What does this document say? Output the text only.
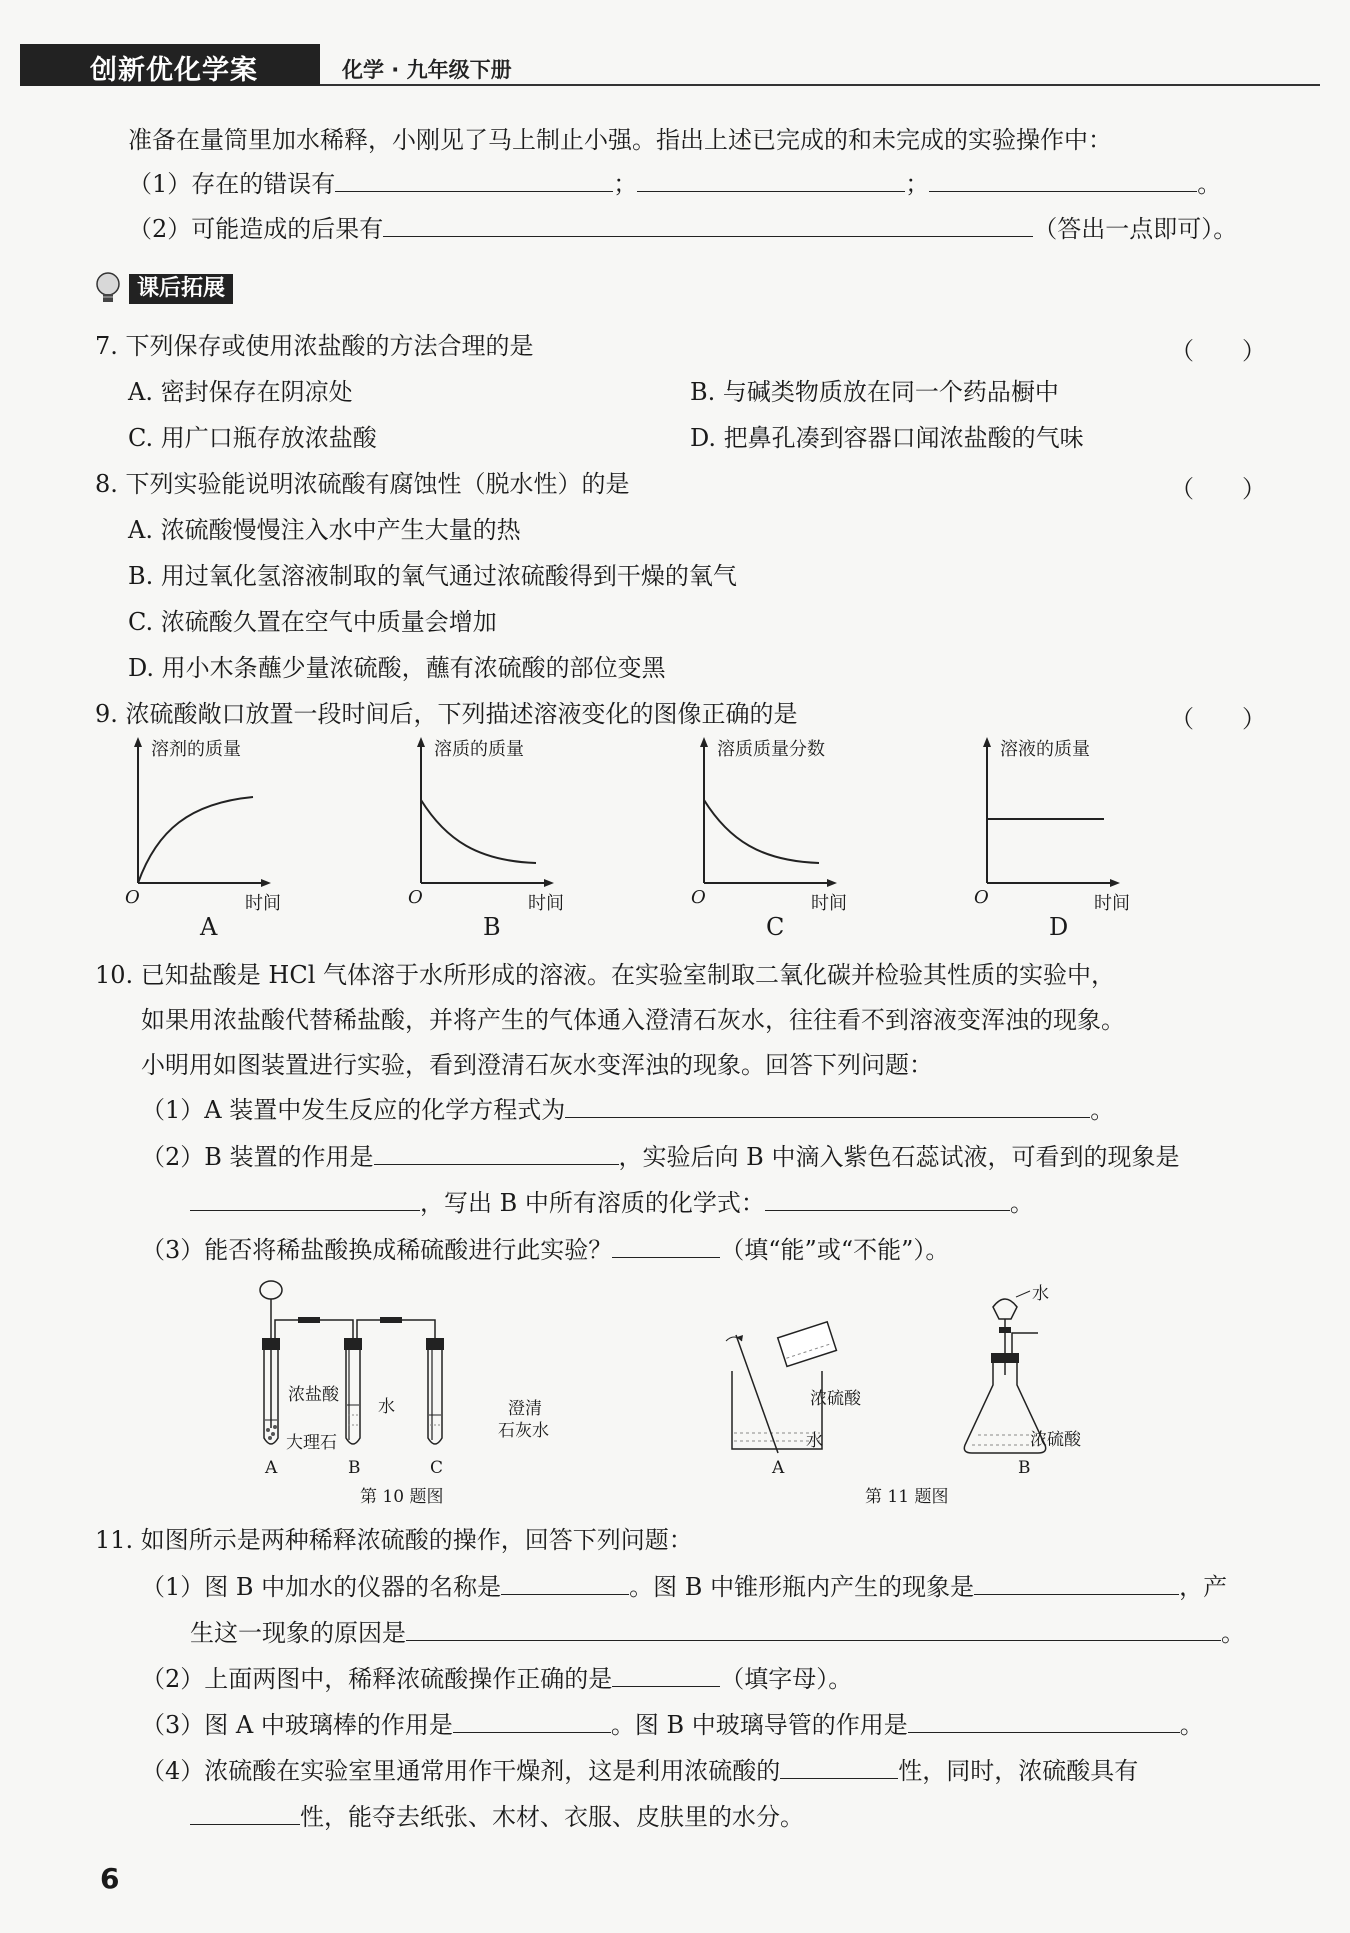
创新优化学案	化学 · 九年级下册
准备在量筒里加水稀释，小刚见了马上制止小强。指出上述已完成的和未完成的实验操作中：
（1）存在的错误有	；	；	。
（2）可能造成的后果有	（答出一点即可）。
课后拓展
7. 下列保存或使用浓盐酸的方法合理的是	（　　）
A. 密封保存在阴凉处	B. 与碱类物质放在同一个药品橱中
C. 用广口瓶存放浓盐酸	D. 把鼻孔凑到容器口闻浓盐酸的气味
8. 下列实验能说明浓硫酸有腐蚀性（脱水性）的是	（　　）
A. 浓硫酸慢慢注入水中产生大量的热
B. 用过氧化氢溶液制取的氧气通过浓硫酸得到干燥的氧气
C. 浓硫酸久置在空气中质量会增加
D. 用小木条蘸少量浓硫酸，蘸有浓硫酸的部位变黑
9. 浓硫酸敞口放置一段时间后，下列描述溶液变化的图像正确的是	（　　）
溶剂的质量
O	时间
A
溶质的质量
O	时间
B
溶质质量分数
O	时间
C
溶液的质量
O	时间
D
10. 已知盐酸是 HCl 气体溶于水所形成的溶液。在实验室制取二氧化碳并检验其性质的实验中，
如果用浓盐酸代替稀盐酸，并将产生的气体通入澄清石灰水，往往看不到溶液变浑浊的现象。
小明用如图装置进行实验，看到澄清石灰水变浑浊的现象。回答下列问题：
（1）A 装置中发生反应的化学方程式为	。
（2）B 装置的作用是	，实验后向 B 中滴入紫色石蕊试液，可看到的现象是
，写出 B 中所有溶质的化学式：	。
（3）能否将稀盐酸换成稀硫酸进行此实验？	（填“能”或“不能”）。
浓盐酸
大理石
水	澄清
石灰水
A	B	C
第 10 题图
水
浓硫酸
水	浓硫酸
A	B
第 11 题图
11. 如图所示是两种稀释浓硫酸的操作，回答下列问题：
（1）图 B 中加水的仪器的名称是	。图 B 中锥形瓶内产生的现象是	，产
生这一现象的原因是	。
（2）上面两图中，稀释浓硫酸操作正确的是	（填字母）。
（3）图 A 中玻璃棒的作用是	。图 B 中玻璃导管的作用是	。
（4）浓硫酸在实验室里通常用作干燥剂，这是利用浓硫酸的	性，同时，浓硫酸具有
性，能夺去纸张、木材、衣服、皮肤里的水分。
6
